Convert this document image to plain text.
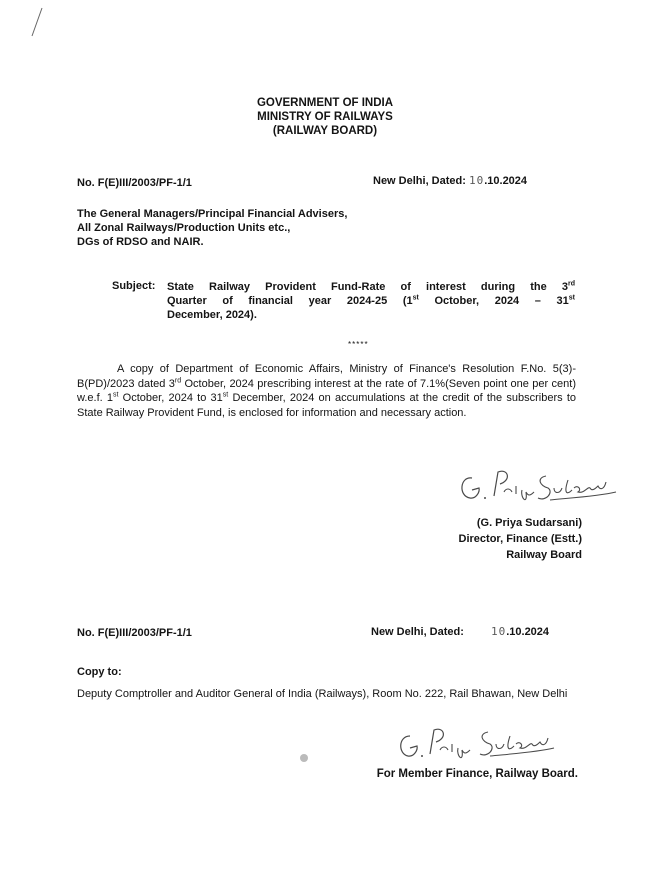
GOVERNMENT OF INDIA
MINISTRY OF RAILWAYS
(RAILWAY BOARD)
No. F(E)III/2003/PF-1/1	New Delhi, Dated: 10.10.2024
The General Managers/Principal Financial Advisers,
All Zonal Railways/Production Units etc.,
DGs of RDSO and NAIR.
Subject: State Railway Provident Fund-Rate of interest during the 3rd
Quarter of financial year 2024-25 (1st October, 2024 – 31st
December, 2024).
*****
A copy of Department of Economic Affairs, Ministry of Finance's Resolution F.No. 5(3)-B(PD)/2023 dated 3rd October, 2024 prescribing interest at the rate of 7.1%(Seven point one per cent) w.e.f. 1st October, 2024 to 31st December, 2024 on accumulations at the credit of the subscribers to State Railway Provident Fund, is enclosed for information and necessary action.
(G. Priya Sudarsani)
Director, Finance (Estt.)
Railway Board
No. F(E)III/2003/PF-1/1	New Delhi, Dated: 10.10.2024
Copy to:
Deputy Comptroller and Auditor General of India (Railways), Room No. 222, Rail Bhawan, New Delhi
For Member Finance, Railway Board.
